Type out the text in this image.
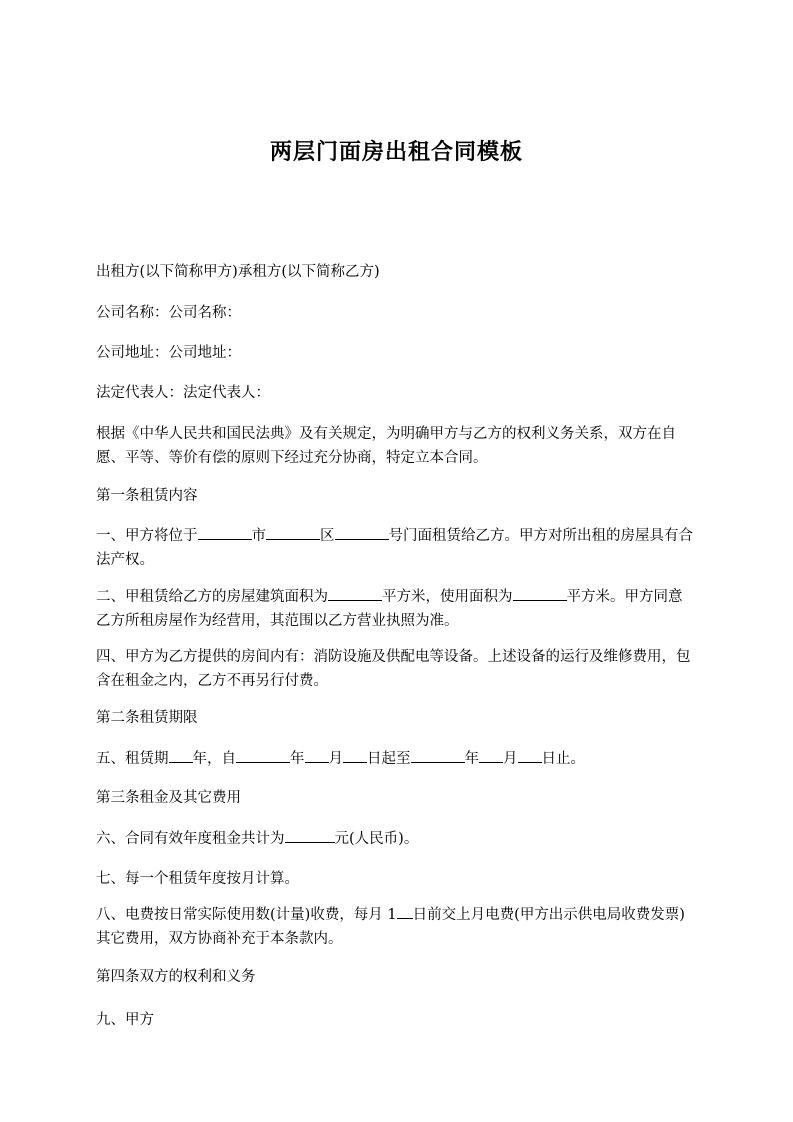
两层门面房出租合同模板
出租方(以下简称甲方)承租方(以下简称乙方)
公司名称：公司名称：
公司地址：公司地址：
法定代表人：法定代表人：
根据《中华人民共和国民法典》及有关规定，为明确甲方与乙方的权利义务关系，双方在自愿、平等、等价有偿的原则下经过充分协商，特定立本合同。
第一条租赁内容
一、甲方将位于	市	区	号门面租赁给乙方。甲方对所出租的房屋具有合法产权。
二、甲租赁给乙方的房屋建筑面积为	平方米，使用面积为	平方米。甲方同意乙方所租房屋作为经营用，其范围以乙方营业执照为准。
四、甲方为乙方提供的房间内有：消防设施及供配电等设备。上述设备的运行及维修费用，包含在租金之内，乙方不再另行付费。
第二条租赁期限
五、租赁期 年，自	年 月 日起至	年 月 日止。
第三条租金及其它费用
六、合同有效年度租金共计为	元(人民币)。
七、每一个租赁年度按月计算。
八、电费按日常实际使用数(计量)收费，每月 1 日前交上月电费(甲方出示供电局收费发票)其它费用，双方协商补充于本条款内。
第四条双方的权利和义务
九、甲方
